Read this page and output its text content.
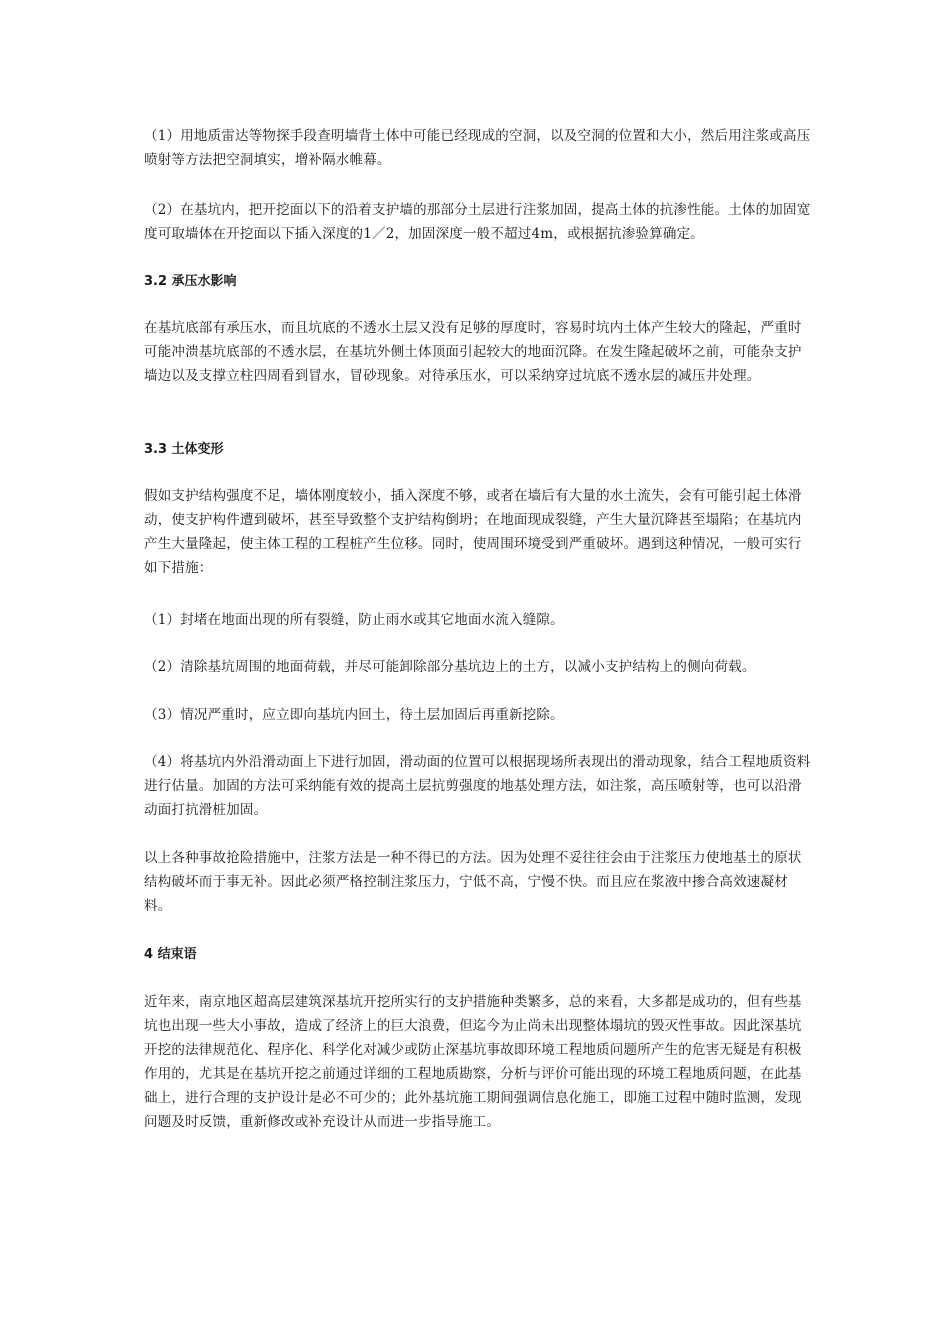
（1）用地质雷达等物探手段查明墙背土体中可能已经现成的空洞，以及空洞的位置和大小，然后用注浆或高压喷射等方法把空洞填实，增补隔水帷幕。

（2）在基坑内，把开挖面以下的沿着支护墙的那部分土层进行注浆加固，提高土体的抗渗性能。土体的加固宽度可取墙体在开挖面以下插入深度的1／2，加固深度一般不超过4m，或根据抗渗验算确定。

3.2 承压水影响

在基坑底部有承压水，而且坑底的不透水土层又没有足够的厚度时，容易时坑内土体产生较大的隆起，严重时可能冲溃基坑底部的不透水层，在基坑外侧土体顶面引起较大的地面沉降。在发生隆起破坏之前，可能杂支护墙边以及支撑立柱四周看到冒水，冒砂现象。对待承压水，可以采纳穿过坑底不透水层的减压井处理。

3.3 土体变形

假如支护结构强度不足，墙体刚度较小，插入深度不够，或者在墙后有大量的水土流失，会有可能引起土体滑动，使支护构件遭到破坏，甚至导致整个支护结构倒坍；在地面现成裂缝，产生大量沉降甚至塌陷；在基坑内产生大量隆起，使主体工程的工程桩产生位移。同时，使周围环境受到严重破坏。遇到这种情况，一般可实行如下措施：

（1）封堵在地面出现的所有裂缝，防止雨水或其它地面水流入缝隙。

（2）清除基坑周围的地面荷载，并尽可能卸除部分基坑边上的土方，以减小支护结构上的侧向荷载。

（3）情况严重时，应立即向基坑内回土，待土层加固后再重新挖除。

（4）将基坑内外沿滑动面上下进行加固，滑动面的位置可以根据现场所表现出的滑动现象，结合工程地质资料进行估量。加固的方法可采纳能有效的提高土层抗剪强度的地基处理方法，如注浆，高压喷射等，也可以沿滑动面打抗滑桩加固。

以上各种事故抢险措施中，注浆方法是一种不得已的方法。因为处理不妥往往会由于注浆压力使地基土的原状结构破坏而于事无补。因此必须严格控制注浆压力，宁低不高，宁慢不快。而且应在浆液中掺合高效速凝材料。

4 结束语

近年来，南京地区超高层建筑深基坑开挖所实行的支护措施种类繁多，总的来看，大多都是成功的，但有些基坑也出现一些大小事故，造成了经济上的巨大浪费，但迄今为止尚未出现整体塌坑的毁灭性事故。因此深基坑开挖的法律规范化、程序化、科学化对减少或防止深基坑事故即环境工程地质问题所产生的危害无疑是有积极作用的，尤其是在基坑开挖之前通过详细的工程地质勘察，分析与评价可能出现的环境工程地质问题，在此基础上，进行合理的支护设计是必不可少的；此外基坑施工期间强调信息化施工，即施工过程中随时监测，发现问题及时反馈，重新修改或补充设计从而进一步指导施工。
